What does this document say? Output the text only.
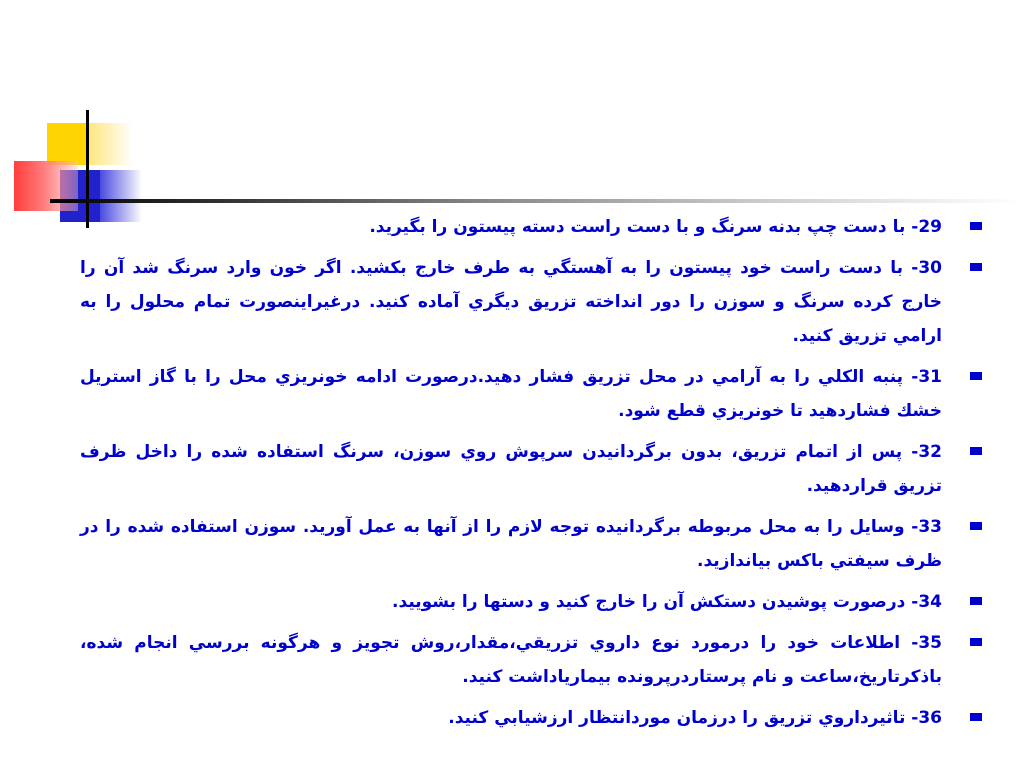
29- با دست چپ بدنه سرنگ و با دست راست دسته پيستون را بگيريد.
30- با دست راست خود پيستون را به آهستگي به طرف خارج بكشيد. اگر خون وارد سرنگ شد آن را خارج كرده سرنگ و سوزن را دور انداخته تزريق ديگري آماده كنيد. درغيراينصورت تمام محلول را به ارامي تزريق كنيد.
31- پنبه الكلي را به آرامي در محل تزريق فشار دهيد.درصورت ادامه خونريزي محل را با گاز استريل خشك فشاردهيد تا خونريزي قطع شود.
32- پس از اتمام تزريق، بدون برگردانيدن سرپوش روي سوزن، سرنگ استفاده شده را داخل ظرف تزريق قراردهيد.
33- وسايل را به محل مربوطه برگردانيده توجه لازم را از آنها به عمل آوريد. سوزن استفاده شده را در ظرف سيفتي باكس بياندازيد.
34- درصورت پوشيدن دستكش آن را خارج كنيد و دستها را بشوييد.
35- اطلاعات خود را درمورد نوع داروي تزريقي،مقدار،روش تجويز و هرگونه بررسي انجام شده، باذكرتاريخ،ساعت و نام پرستاردرپرونده بيمارياداشت كنيد.
36- تاثيرداروي تزريق را درزمان موردانتظار ارزشيابي كنيد.
